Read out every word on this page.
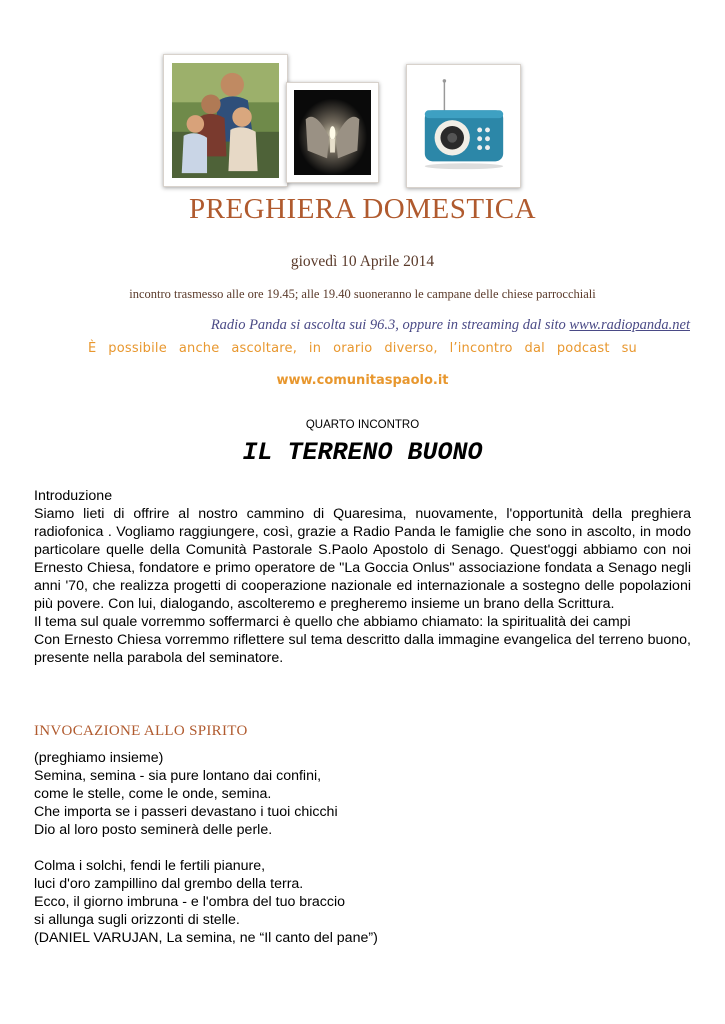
PREGHIERA DOMESTICA
giovedì 10 Aprile 2014
incontro trasmesso alle ore 19.45; alle 19.40 suoneranno le campane delle chiese parrocchiali
Radio Panda si ascolta sui 96.3, oppure in streaming dal sito www.radiopanda.net
È possibile anche ascoltare, in orario diverso, l’incontro dal podcast su
www.comunitaspaolo.it
QUARTO INCONTRO
IL TERRENO BUONO

Introduzione

Siamo lieti di offrire al nostro cammino di Quaresima, nuovamente, l'opportunità della preghiera radiofonica . Vogliamo raggiungere, così, grazie a Radio Panda le famiglie che sono in ascolto, in modo particolare quelle della Comunità Pastorale S.Paolo Apostolo di Senago. Quest'oggi abbiamo con noi Ernesto Chiesa, fondatore e primo operatore de "La Goccia Onlus" associazione fondata a Senago negli anni '70, che realizza progetti di cooperazione nazionale ed internazionale a sostegno delle popolazioni più povere. Con lui, dialogando, ascolteremo e pregheremo insieme un brano della Scrittura.

Il tema sul quale vorremmo soffermarci è quello che abbiamo chiamato: la spiritualità dei campi

Con Ernesto Chiesa vorremmo riflettere sul tema descritto dalla immagine evangelica del terreno buono, presente nella parabola del seminatore.

INVOCAZIONE ALLO SPIRITO
(preghiamo insieme)
Semina, semina - sia pure lontano dai confini,
come le stelle, come le onde, semina.
Che importa se i passeri devastano i tuoi chicchi
Dio al loro posto seminerà delle perle.
Colma i solchi, fendi le fertili pianure,
luci d'oro zampillino dal grembo della terra.
Ecco, il giorno imbruna - e l'ombra del tuo braccio
si allunga sugli orizzonti di stelle.
(DANIEL VARUJAN, La semina, ne “Il canto del pane”)
